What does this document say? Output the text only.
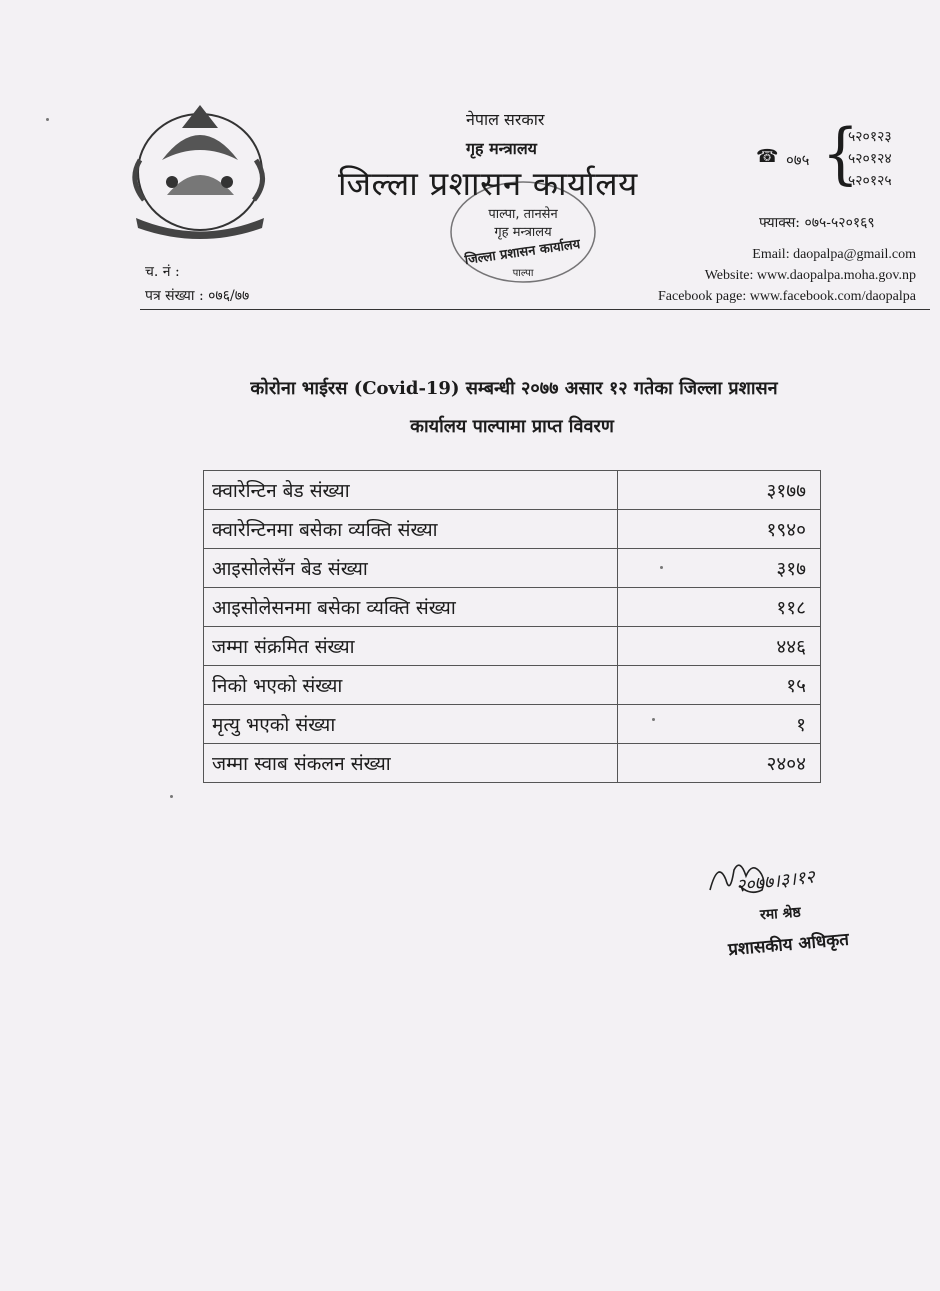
नेपाल सरकार
गृह मन्त्रालय
जिल्ला प्रशासन कार्यालय
पाल्पा, तानसेन
गृह मन्त्रालय
जिल्ला प्रशासन कार्यालय
पाल्पा
☎ ०७५ {
५२०१२३
५२०१२४
५२०१२५
फ्याक्स: ०७५-५२०१६९
Email: daopalpa@gmail.com
Website: www.daopalpa.moha.gov.np
Facebook page: www.facebook.com/daopalpa
च. नं :
पत्र संख्या : ०७६/७७
कोरोना भाईरस (Covid-19) सम्बन्धी २०७७ असार १२ गतेका जिल्ला प्रशासन
कार्यालय पाल्पामा प्राप्त विवरण
क्वारेन्टिन बेड संख्या	३१७७
क्वारेन्टिनमा बसेका व्यक्ति संख्या	१९४०
आइसोलेसँन बेड संख्या	३१७
आइसोलेसनमा बसेका व्यक्ति संख्या	११८
जम्मा संक्रमित संख्या	४४६
निको भएको संख्या	१५
मृत्यु भएको संख्या	१
जम्मा स्वाब संकलन संख्या	२४०४
२०७७।३।१२
रमा श्रेष्ठ
प्रशासकीय अधिकृत
